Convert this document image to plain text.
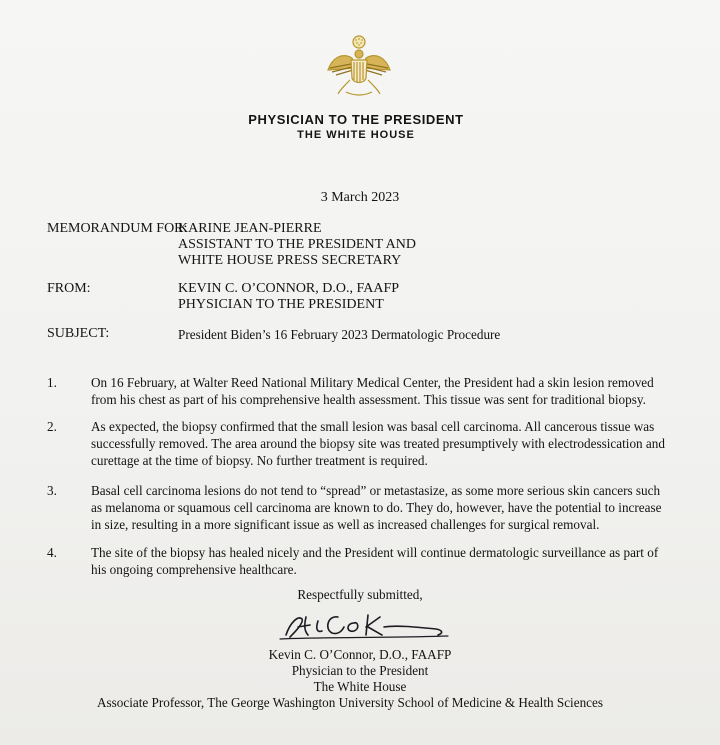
PHYSICIAN TO THE PRESIDENT
THE WHITE HOUSE
3 March 2023
MEMORANDUM FOR:
KARINE JEAN-PIERRE
ASSISTANT TO THE PRESIDENT AND
WHITE HOUSE PRESS SECRETARY
FROM:	KEVIN C. O’CONNOR, D.O., FAAFP
PHYSICIAN TO THE PRESIDENT
SUBJECT:	President Biden’s 16 February 2023 Dermatologic Procedure
1.	On 16 February, at Walter Reed National Military Medical Center, the President had a skin lesion removed
from his chest as part of his comprehensive health assessment. This tissue was sent for traditional biopsy.
2.	As expected, the biopsy confirmed that the small lesion was basal cell carcinoma. All cancerous tissue was
successfully removed. The area around the biopsy site was treated presumptively with electrodessication and
curettage at the time of biopsy. No further treatment is required.
3.	Basal cell carcinoma lesions do not tend to “spread” or metastasize, as some more serious skin cancers such
as melanoma or squamous cell carcinoma are known to do. They do, however, have the potential to increase
in size, resulting in a more significant issue as well as increased challenges for surgical removal.
4.	The site of the biopsy has healed nicely and the President will continue dermatologic surveillance as part of
his ongoing comprehensive healthcare.
Respectfully submitted,
Kevin C. O’Connor, D.O., FAAFP
Physician to the President
The White House
Associate Professor, The George Washington University School of Medicine & Health Sciences
